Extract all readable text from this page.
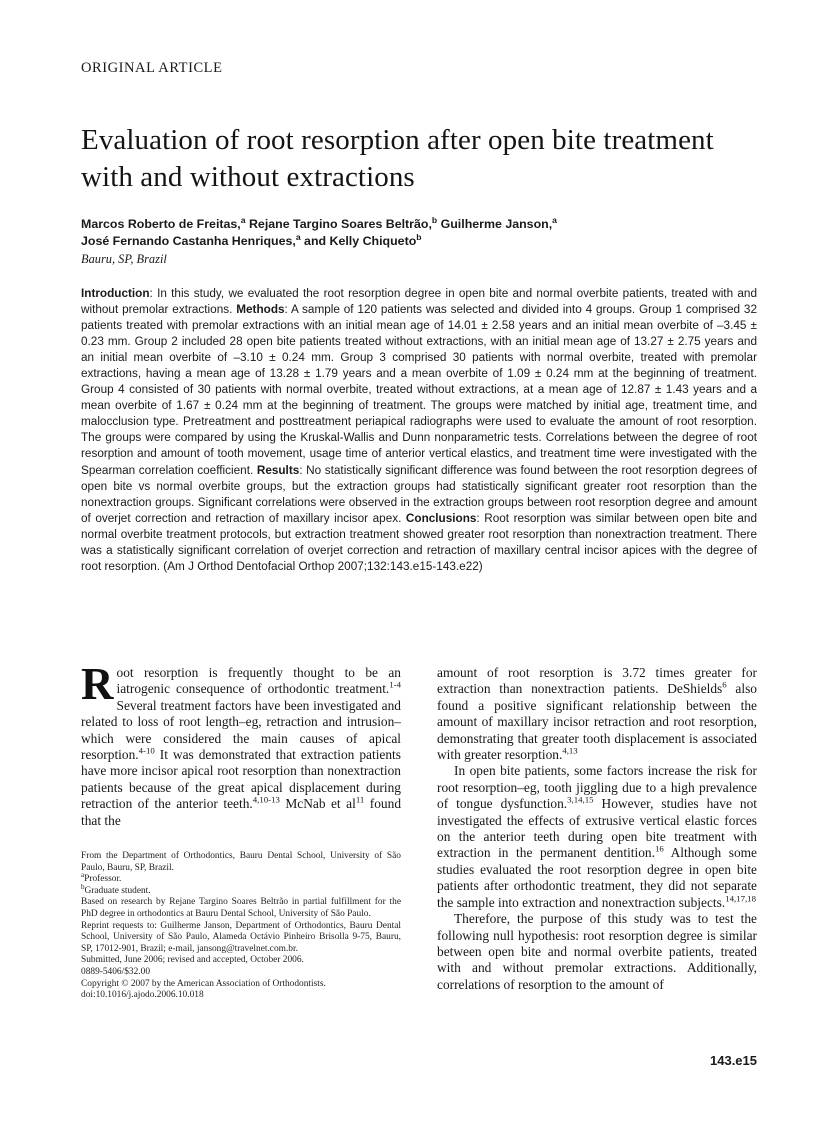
ORIGINAL ARTICLE
Evaluation of root resorption after open bite treatment with and without extractions
Marcos Roberto de Freitas,$^a$ Rejane Targino Soares Beltrão,$^b$ Guilherme Janson,$^a$
José Fernando Castanha Henriques,$^a$ and Kelly Chiqueto$^b$
Bauru, SP, Brazil
Introduction: In this study, we evaluated the root resorption degree in open bite and normal overbite patients, treated with and without premolar extractions. Methods: A sample of 120 patients was selected and divided into 4 groups. Group 1 comprised 32 patients treated with premolar extractions with an initial mean age of 14.01 ± 2.58 years and an initial mean overbite of –3.45 ± 0.23 mm. Group 2 included 28 open bite patients treated without extractions, with an initial mean age of 13.27 ± 2.75 years and an initial mean overbite of –3.10 ± 0.24 mm. Group 3 comprised 30 patients with normal overbite, treated with premolar extractions, having a mean age of 13.28 ± 1.79 years and a mean overbite of 1.09 ± 0.24 mm at the beginning of treatment. Group 4 consisted of 30 patients with normal overbite, treated without extractions, at a mean age of 12.87 ± 1.43 years and a mean overbite of 1.67 ± 0.24 mm at the beginning of treatment. The groups were matched by initial age, treatment time, and malocclusion type. Pretreatment and posttreatment periapical radiographs were used to evaluate the amount of root resorption. The groups were compared by using the Kruskal-Wallis and Dunn nonparametric tests. Correlations between the degree of root resorption and amount of tooth movement, usage time of anterior vertical elastics, and treatment time were investigated with the Spearman correlation coefficient. Results: No statistically significant difference was found between the root resorption degrees of open bite vs normal overbite groups, but the extraction groups had statistically significant greater root resorption than the nonextraction groups. Significant correlations were observed in the extraction groups between root resorption degree and amount of overjet correction and retraction of maxillary incisor apex. Conclusions: Root resorption was similar between open bite and normal overbite treatment protocols, but extraction treatment showed greater root resorption than nonextraction treatment. There was a statistically significant correlation of overjet correction and retraction of maxillary central incisor apices with the degree of root resorption. (Am J Orthod Dentofacial Orthop 2007;132:143.e15-143.e22)

Root resorption is frequently thought to be an iatrogenic consequence of orthodontic treatment.$^{1-4}$ Several treatment factors have been investigated and related to loss of root length–eg, retraction and intrusion–which were considered the main causes of apical resorption.$^{4-10}$ It was demonstrated that extraction patients have more incisor apical root resorption than nonextraction patients because of the great apical displacement during retraction of the anterior teeth.$^{4,10-13}$ McNab et $al^{11}$ found that the

amount of root resorption is 3.72 times greater for extraction than nonextraction patients. DeShields$^6$ also found a positive significant relationship between the amount of maxillary incisor retraction and root resorption, demonstrating that greater tooth displacement is associated with greater resorption.$^{4,13}$

In open bite patients, some factors increase the risk for root resorption–eg, tooth jiggling due to a high prevalence of tongue dysfunction.$^{3,14,15}$ However, studies have not investigated the effects of extrusive vertical elastic forces on the anterior teeth during open bite treatment with extraction in the permanent dentition.$^{16}$ Although some studies evaluated the root resorption degree in open bite patients after orthodontic treatment, they did not separate the sample into extraction and nonextraction subjects.$^{14,17,18}$

Therefore, the purpose of this study was to test the following null hypothesis: root resorption degree is similar between open bite and normal overbite patients, treated with and without premolar extractions. Additionally, correlations of resorption to the amount of

From the Department of Orthodontics, Bauru Dental School, University of São Paulo, Bauru, SP, Brazil.

$^a$Professor.

$^b$Graduate student.

Based on research by Rejane Targino Soares Beltrão in partial fulfillment for the PhD degree in orthodontics at Bauru Dental School, University of São Paulo.

Reprint requests to: Guilherme Janson, Department of Orthodontics, Bauru Dental School, University of São Paulo, Alameda Octávio Pinheiro Brisolla 9-75, Bauru, SP, 17012-901, Brazil; e-mail, jansong@travelnet.com.br.

Submitted, June 2006; revised and accepted, October 2006.

0889-5406/$32.00

Copyright © 2007 by the American Association of Orthodontists.

doi:10.1016/j.ajodo.2006.10.018

143.e15
